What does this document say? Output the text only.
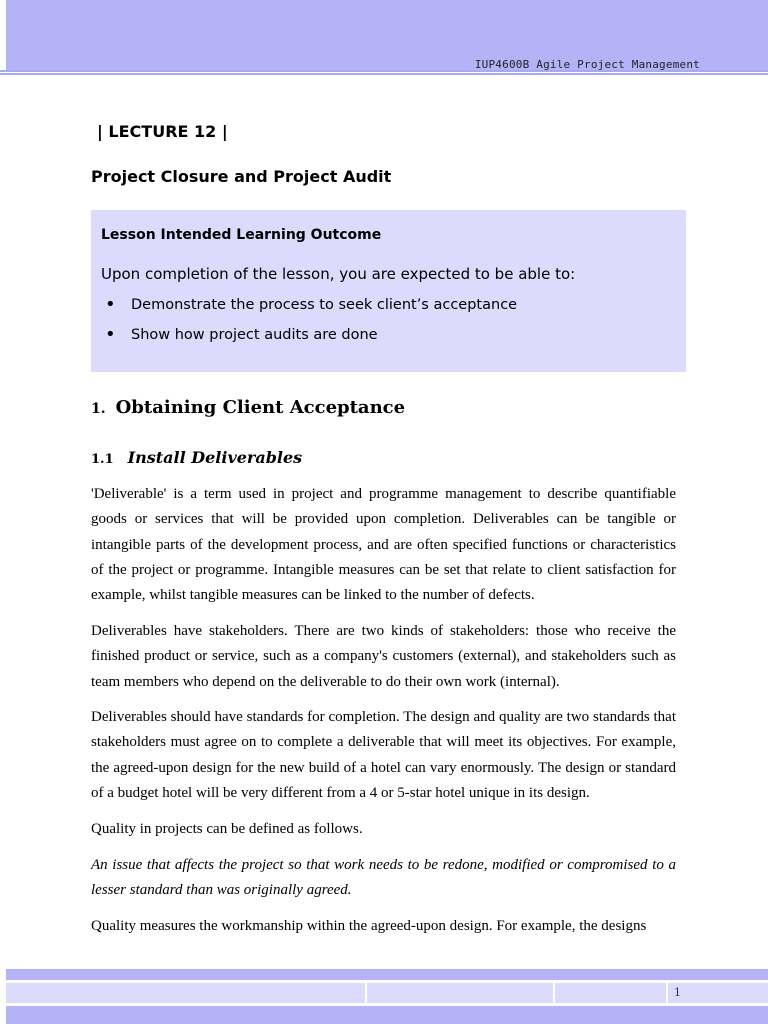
IUP4600B Agile Project Management
| LECTURE 12 |
Project Closure and Project Audit
Lesson Intended Learning Outcome
Upon completion of the lesson, you are expected to be able to:
• Demonstrate the process to seek client’s acceptance
• Show how project audits are done
1. Obtaining Client Acceptance
1.1 Install Deliverables
'Deliverable' is a term used in project and programme management to describe quantifiable goods or services that will be provided upon completion. Deliverables can be tangible or intangible parts of the development process, and are often specified functions or characteristics of the project or programme. Intangible measures can be set that relate to client satisfaction for example, whilst tangible measures can be linked to the number of defects.
Deliverables have stakeholders. There are two kinds of stakeholders: those who receive the finished product or service, such as a company's customers (external), and stakeholders such as team members who depend on the deliverable to do their own work (internal).
Deliverables should have standards for completion. The design and quality are two standards that stakeholders must agree on to complete a deliverable that will meet its objectives. For example, the agreed-upon design for the new build of a hotel can vary enormously. The design or standard of a budget hotel will be very different from a 4 or 5-star hotel unique in its design.
Quality in projects can be defined as follows.
An issue that affects the project so that work needs to be redone, modified or compromised to a lesser standard than was originally agreed.
Quality measures the workmanship within the agreed-upon design. For example, the designs
1
